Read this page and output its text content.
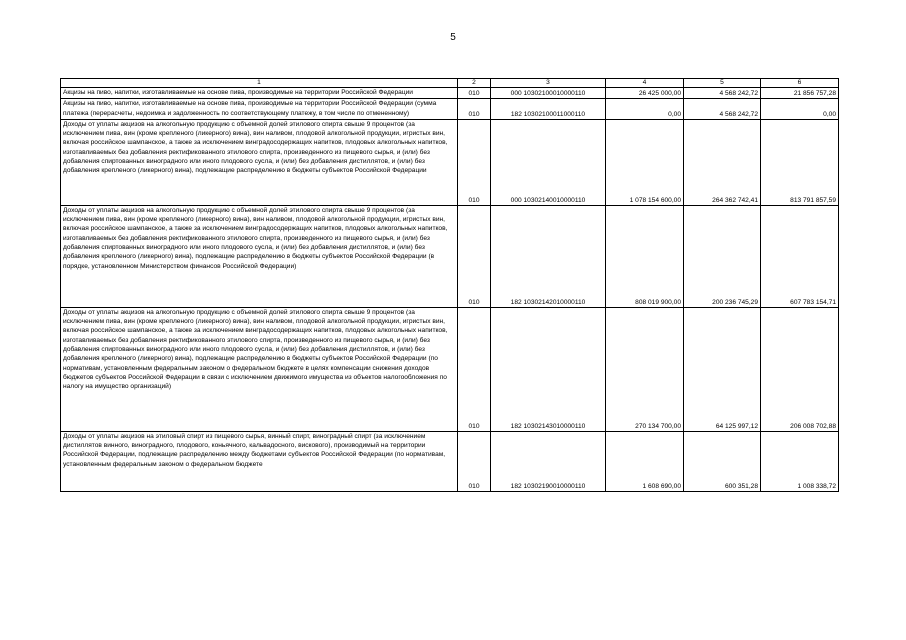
5
1	2	3	4	5	6
Акцизы на пиво, напитки, изготавливаемые на основе пива, производимые на территории Российской Федерации	010	000 10302100010000110	26 425 000,00	4 568 242,72	21 856 757,28
Акцизы на пиво, напитки, изготавливаемые на основе пива, производимые на территории Российской Федерации (сумма платежа (перерасчеты, недоимка и задолженность по соответствующему платежу, в том числе по отмененному)	010	182 10302100011000110	0,00	4 568 242,72	0,00
Доходы от уплаты акцизов на алкогольную продукцию с объемной долей этилового спирта свыше 9 процентов (за исключением пива, вин (кроме крепленого (ликерного) вина), вин наливом, плодовой алкогольной продукции, игристых вин, включая российское шампанское, а также за исключением винградосодержащих напитков, плодовых алкогольных напитков, изготавливаемых без добавления ректификованного этилового спирта, произведенного из пищевого сырья, и (или) без добавления спиртованных виноградного или иного плодового сусла, и (или) без добавления дистиллятов, и (или) без добавления крепленого (ликерного) вина), подлежащие распределению в бюджеты субъектов Российской Федерации	010	000 10302140010000110	1 078 154 600,00	264 362 742,41	813 791 857,59
Доходы от уплаты акцизов на алкогольную продукцию с объемной долей этилового спирта свыше 9 процентов (за исключением пива, вин (кроме крепленого (ликерного) вина), вин наливом, плодовой алкогольной продукции, игристых вин, включая российское шампанское, а также за исключением винградосодержащих напитков, плодовых алкогольных напитков, изготавливаемых без добавления ректификованного этилового спирта, произведенного из пищевого сырья, и (или) без добавления спиртованных виноградного или иного плодового сусла, и (или) без добавления дистиллятов, и (или) без добавления крепленого (ликерного) вина), подлежащие распределению в бюджеты субъектов Российской Федерации (в порядке, установленном Министерством финансов Российской Федерации)	010	182 10302142010000110	808 019 900,00	200 236 745,29	607 783 154,71
Доходы от уплаты акцизов на алкогольную продукцию с объемной долей этилового спирта свыше 9 процентов (за исключением пива, вин (кроме крепленого (ликерного) вина), вин наливом, плодовой алкогольной продукции, игристых вин, включая российское шампанское, а также за исключением винградосодержащих напитков, плодовых алкогольных напитков, изготавливаемых без добавления ректификованного этилового спирта, произведенного из пищевого сырья, и (или) без добавления спиртованных виноградного или иного плодового сусла, и (или) без добавления дистиллятов, и (или) без добавления крепленого (ликерного) вина), подлежащие распределению в бюджеты субъектов Российской Федерации (по нормативам, установленным федеральным законом о федеральном бюджете в целях компенсации снижения доходов бюджетов субъектов Российской Федерации в связи с исключением движимого имущества из объектов налогообложения по налогу на имущество организаций)	010	182 10302143010000110	270 134 700,00	64 125 997,12	206 008 702,88
Доходы от уплаты акцизов на этиловый спирт из пищевого сырья, винный спирт, виноградный спирт (за исключением дистиллятов винного, виноградного, плодового, коньячного, кальвадосного, вискового), производимый на территории Российской Федерации, подлежащие распределению между бюджетами субъектов Российской Федерации (по нормативам, установленным федеральным законом о федеральном бюджете	010	182 10302190010000110	1 608 690,00	600 351,28	1 008 338,72
